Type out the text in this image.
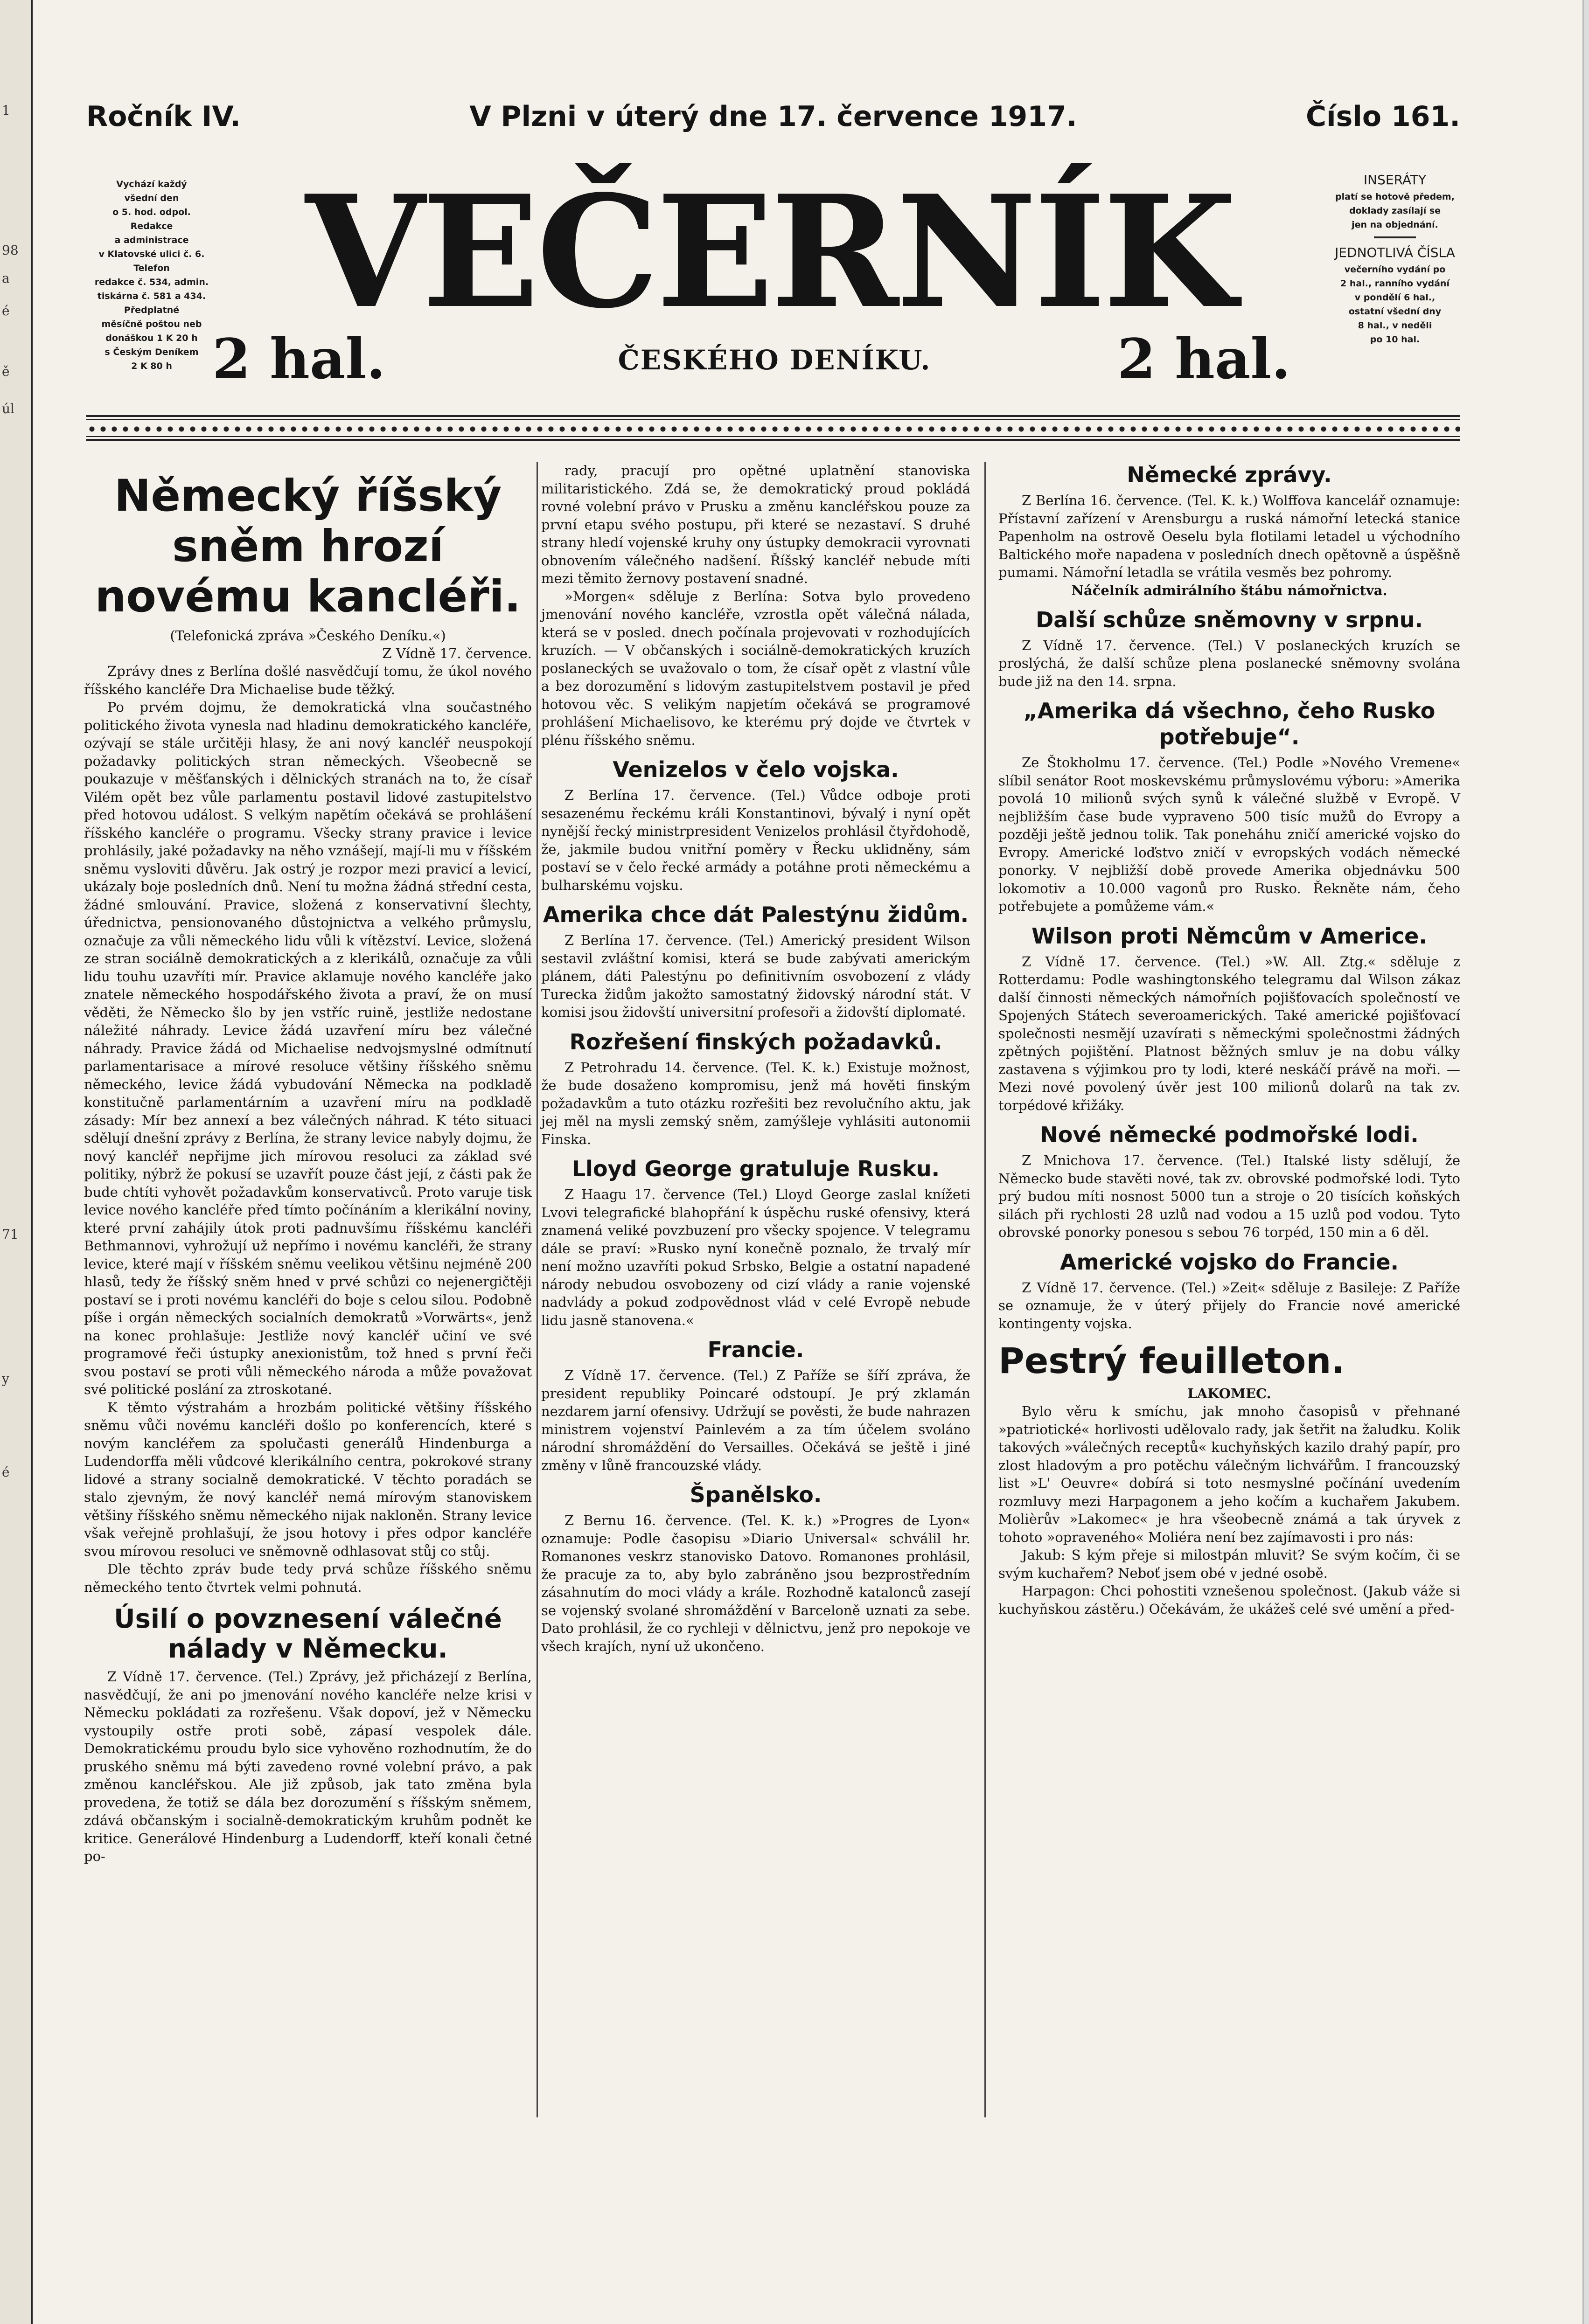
1
98
a
é
ě
úl
71
y
é
Ročník IV.	V Plzni v úterý dne 17. července 1917.	Číslo 161.
Vychází každý
všední den
o 5. hod. odpol.
Redakce
a administrace
v Klatovské ulici č. 6.
Telefon
redakce č. 534, admin.
tiskárna č. 581 a 434.
Předplatné
měsíčně poštou neb
donáškou 1 K 20 h
s Českým Deníkem
2 K 80 h
VEČERNÍK
2 hal.	ČESKÉHO DENÍKU.	2 hal.
INSERÁTY
platí se hotově předem,
doklady zasílají se
jen na objednání.
JEDNOTLIVÁ ČÍSLA
večerního vydání po
2 hal., ranního vydání
v pondělí 6 hal.,
ostatní všední dny
8 hal., v neděli
po 10 hal.
Německý říšský sněm hrozí novému kancléři.
(Telefonická zpráva »Českého Deníku.«)
Z Vídně 17. července.

Zprávy dnes z Berlína došlé nasvědčují tomu, že úkol nového říšského kancléře Dra Michaelise bude těžký.

Po prvém dojmu, že demokratická vlna součastného politického života vynesla nad hladinu demokratického kancléře, ozývají se stále určitěji hlasy, že ani nový kancléř neuspokojí požadavky politických stran německých. Všeobecně se poukazuje v měšťanských i dělnických stranách na to, že císař Vilém opět bez vůle parlamentu postavil lidové zastupitelstvo před hotovou událost. S velkým napětím očekává se prohlášení říšského kancléře o programu. Všecky strany pravice i levice prohlásily, jaké požadavky na něho vznášejí, mají-li mu v říšském sněmu vysloviti důvěru. Jak ostrý je rozpor mezi pravicí a levicí, ukázaly boje posledních dnů. Není tu možna žádná střední cesta, žádné smlouvání. Pravice, složená z konservativní šlechty, úřednictva, pensionovaného důstojnictva a velkého průmyslu, označuje za vůli německého lidu vůli k vítězství. Levice, složená ze stran sociálně demokratických a z klerikálů, označuje za vůli lidu touhu uzavříti mír. Pravice aklamuje nového kancléře jako znatele německého hospodářského života a praví, že on musí věděti, že Německo šlo by jen vstříc ruině, jestliže nedostane náležité náhrady. Levice žádá uzavření míru bez válečné náhrady. Pravice žádá od Michaelise nedvojsmyslné odmítnutí parlamentarisace a mírové resoluce většiny říšského sněmu německého, levice žádá vybudování Německa na podkladě konstitučně parlamentárním a uzavření míru na podkladě zásady: Mír bez annexí a bez válečných náhrad. K této situaci sdělují dnešní zprávy z Berlína, že strany levice nabyly dojmu, že nový kancléř nepřijme jich mírovou resoluci za základ své politiky, nýbrž že pokusí se uzavřít pouze část její, z části pak že bude chtíti vyhovět požadavkům konservativců. Proto varuje tisk levice nového kancléře před tímto počínáním a klerikální noviny, které první zahájily útok proti padnuvšímu říšskému kancléři Bethmannovi, vyhrožují už nepřímo i novému kancléři, že strany levice, které mají v říšském sněmu veelikou většinu nejméně 200 hlasů, tedy že říšský sněm hned v prvé schůzi co nejenergičtěji postaví se i proti novému kancléři do boje s celou silou. Podobně píše i orgán německých socialních demokratů »Vorwärts«, jenž na konec prohlašuje: Jestliže nový kancléř učiní ve své programové řeči ústupky anexionistům, tož hned s první řeči svou postaví se proti vůli německého národa a může považovat své politické poslání za ztroskotané.

K těmto výstrahám a hrozbám politické většiny říšského sněmu vůči novému kancléři došlo po konferencích, které s novým kancléřem za spolučasti generálů Hindenburga a Ludendorffa měli vůdcové klerikálního centra, pokrokové strany lidové a strany socialně demokratické. V těchto poradách se stalo zjevným, že nový kancléř nemá mírovým stanoviskem většiny říšského sněmu německého nijak nakloněn. Strany levice však veřejně prohlašují, že jsou hotovy i přes odpor kancléře svou mírovou resoluci ve sněmovně odhlasovat stůj co stůj.

Dle těchto zpráv bude tedy prvá schůze říšského sněmu německého tento čtvrtek velmi pohnutá.

Úsilí o povznesení válečné nálady v Německu.

Z Vídně 17. července. (Tel.) Zprávy, jež přicházejí z Berlína, nasvědčují, že ani po jmenování nového kancléře nelze krisi v Německu pokládati za rozřešenu. Však dopoví, jež v Německu vystoupily ostře proti sobě, zápasí vespolek dále. Demokratickému proudu bylo sice vyhověno rozhodnutím, že do pruského sněmu má býti zavedeno rovné volební právo, a pak změnou kancléřskou. Ale již způsob, jak tato změna byla provedena, že totiž se dála bez dorozumění s říšským sněmem, zdává občanským i socialně-demokratickým kruhům podnět ke kritice. Generálové Hindenburg a Ludendorff, kteří konali četné po-

rady, pracují pro opětné uplatnění stanoviska militaristického. Zdá se, že demokratický proud pokládá rovné volební právo v Prusku a změnu kancléřskou pouze za první etapu svého postupu, při které se nezastaví. S druhé strany hledí vojenské kruhy ony ústupky demokracii vyrovnati obnovením válečného nadšení. Říšský kancléř nebude míti mezi těmito žernovy postavení snadné.

»Morgen« sděluje z Berlína: Sotva bylo provedeno jmenování nového kancléře, vzrostla opět válečná nálada, která se v posled. dnech počínala projevovati v rozhodujících kruzích. — V občanských i sociálně-demokratických kruzích poslaneckých se uvažovalo o tom, že císař opět z vlastní vůle a bez dorozumění s lidovým zastupitelstvem postavil je před hotovou věc. S velikým napjetím očekává se programové prohlášení Michaelisovo, ke kterému prý dojde ve čtvrtek v plénu říšského sněmu.

Venizelos v čelo vojska.

Z Berlína 17. července. (Tel.) Vůdce odboje proti sesazenému řeckému králi Konstantinovi, bývalý i nyní opět nynější řecký ministrpresident Venizelos prohlásil čtyřdohodě, že, jakmile budou vnitřní poměry v Řecku uklidněny, sám postaví se v čelo řecké armády a potáhne proti německému a bulharskému vojsku.

Amerika chce dát Palestýnu židům.

Z Berlína 17. července. (Tel.) Americký president Wilson sestavil zvláštní komisi, která se bude zabývati americkým plánem, dáti Palestýnu po definitivním osvobození z vlády Turecka židům jakožto samostatný židovský národní stát. V komisi jsou židovští universitní profesoři a židovští diplomaté.

Rozřešení finských požadavků.

Z Petrohradu 14. července. (Tel. K. k.) Existuje možnost, že bude dosaženo kompromisu, jenž má hověti finským požadavkům a tuto otázku rozřešiti bez revolučního aktu, jak jej měl na mysli zemský sněm, zamýšleje vyhlásiti autonomii Finska.

Lloyd George gratuluje Rusku.

Z Haagu 17. července (Tel.) Lloyd George zaslal knížeti Lvovi telegrafické blahopřání k úspěchu ruské ofensivy, která znamená veliké povzbuzení pro všecky spojence. V telegramu dále se praví: »Rusko nyní konečně poznalo, že trvalý mír není možno uzavříti pokud Srbsko, Belgie a ostatní napadené národy nebudou osvobozeny od cizí vlády a ranie vojenské nadvlády a pokud zodpovědnost vlád v celé Evropě nebude lidu jasně stanovena.«

Francie.

Z Vídně 17. července. (Tel.) Z Paříže se šíří zpráva, že president republiky Poincaré odstoupí. Je prý zklamán nezdarem jarní ofensivy. Udržují se pověsti, že bude nahrazen ministrem vojenství Painlevém a za tím účelem svoláno národní shromáždění do Versailles. Očekává se ještě i jiné změny v lůně francouzské vlády.

Španělsko.

Z Bernu 16. července. (Tel. K. k.) »Progres de Lyon« oznamuje: Podle časopisu »Diario Universal« schválil hr. Romanones veskrz stanovisko Datovo. Romanones prohlásil, že pracuje za to, aby bylo zabráněno jsou bezprostředním zásahnutím do moci vlády a krále. Rozhodně katalonců zasejí se vojenský svolané shromáždění v Barceloně uznati za sebe. Dato prohlásil, že co rychleji v dělnictvu, jenž pro nepokoje ve všech krajích, nyní už ukončeno.

Německé zprávy.

Z Berlína 16. července. (Tel. K. k.) Wolffova kancelář oznamuje: Přístavní zařízení v Arensburgu a ruská námořní letecká stanice Papenholm na ostrově Oeselu byla flotilami letadel u východního Baltického moře napadena v posledních dnech opětovně a úspěšně pumami. Námořní letadla se vrátila vesměs bez pohromy.

Náčelník admirálního štábu námořnictva.
Další schůze sněmovny v srpnu.

Z Vídně 17. července. (Tel.) V poslaneckých kruzích se proslýchá, že další schůze plena poslanecké sněmovny svolána bude již na den 14. srpna.

„Amerika dá všechno, čeho Rusko potřebuje“.

Ze Štokholmu 17. července. (Tel.) Podle »Nového Vremene« slíbil senátor Root moskevskému průmyslovému výboru: »Amerika povolá 10 milionů svých synů k válečné službě v Evropě. V nejbližším čase bude vypraveno 500 tisíc mužů do Evropy a později ještě jednou tolik. Tak poneháhu zničí americké vojsko do Evropy. Americké loďstvo zničí v evropských vodách německé ponorky. V nejbližší době provede Amerika objednávku 500 lokomotiv a 10.000 vagonů pro Rusko. Řekněte nám, čeho potřebujete a pomůžeme vám.«

Wilson proti Němcům v Americe.

Z Vídně 17. července. (Tel.) »W. All. Ztg.« sděluje z Rotterdamu: Podle washingtonského telegramu dal Wilson zákaz další činnosti německých námořních pojišťovacích společností ve Spojených Státech severoamerických. Také americké pojišťovací společnosti nesmějí uzavírati s německými společnostmi žádných zpětných pojištění. Platnost běžných smluv je na dobu války zastavena s výjimkou pro ty lodi, které neskáčí právě na moři. — Mezi nové povolený úvěr jest 100 milionů dolarů na tak zv. torpédové křižáky.

Nové německé podmořské lodi.

Z Mnichova 17. července. (Tel.) Italské listy sdělují, že Německo bude stavěti nové, tak zv. obrovské podmořské lodi. Tyto prý budou míti nosnost 5000 tun a stroje o 20 tisících koňských silách při rychlosti 28 uzlů nad vodou a 15 uzlů pod vodou. Tyto obrovské ponorky ponesou s sebou 76 torpéd, 150 min a 6 děl.

Americké vojsko do Francie.

Z Vídně 17. července. (Tel.) »Zeit« sděluje z Basileje: Z Paříže se oznamuje, že v úterý přijely do Francie nové americké kontingenty vojska.

Pestrý feuilleton.
LAKOMEC.

Bylo věru k smíchu, jak mnoho časopisů v přehnané »patriotické« horlivosti udělovalo rady, jak šetřit na žaludku. Kolik takových »válečných receptů« kuchyňských kazilo drahý papír, pro zlost hladovým a pro potěchu válečným lichvářům. I francouzský list »L' Oeuvre« dobírá si toto nesmyslné počínání uvedením rozmluvy mezi Harpagonem a jeho kočím a kuchařem Jakubem. Molièrův »Lakomec« je hra všeobecně známá a tak úryvek z tohoto »opraveného« Moliéra není bez zajímavosti i pro nás:

Jakub: S kým přeje si milostpán mluvit? Se svým kočím, či se svým kuchařem? Neboť jsem obé v jedné osobě.

Harpagon: Chci pohostiti vznešenou společnost. (Jakub váže si kuchyňskou zástěru.) Očekávám, že ukážeš celé své umění a před-
